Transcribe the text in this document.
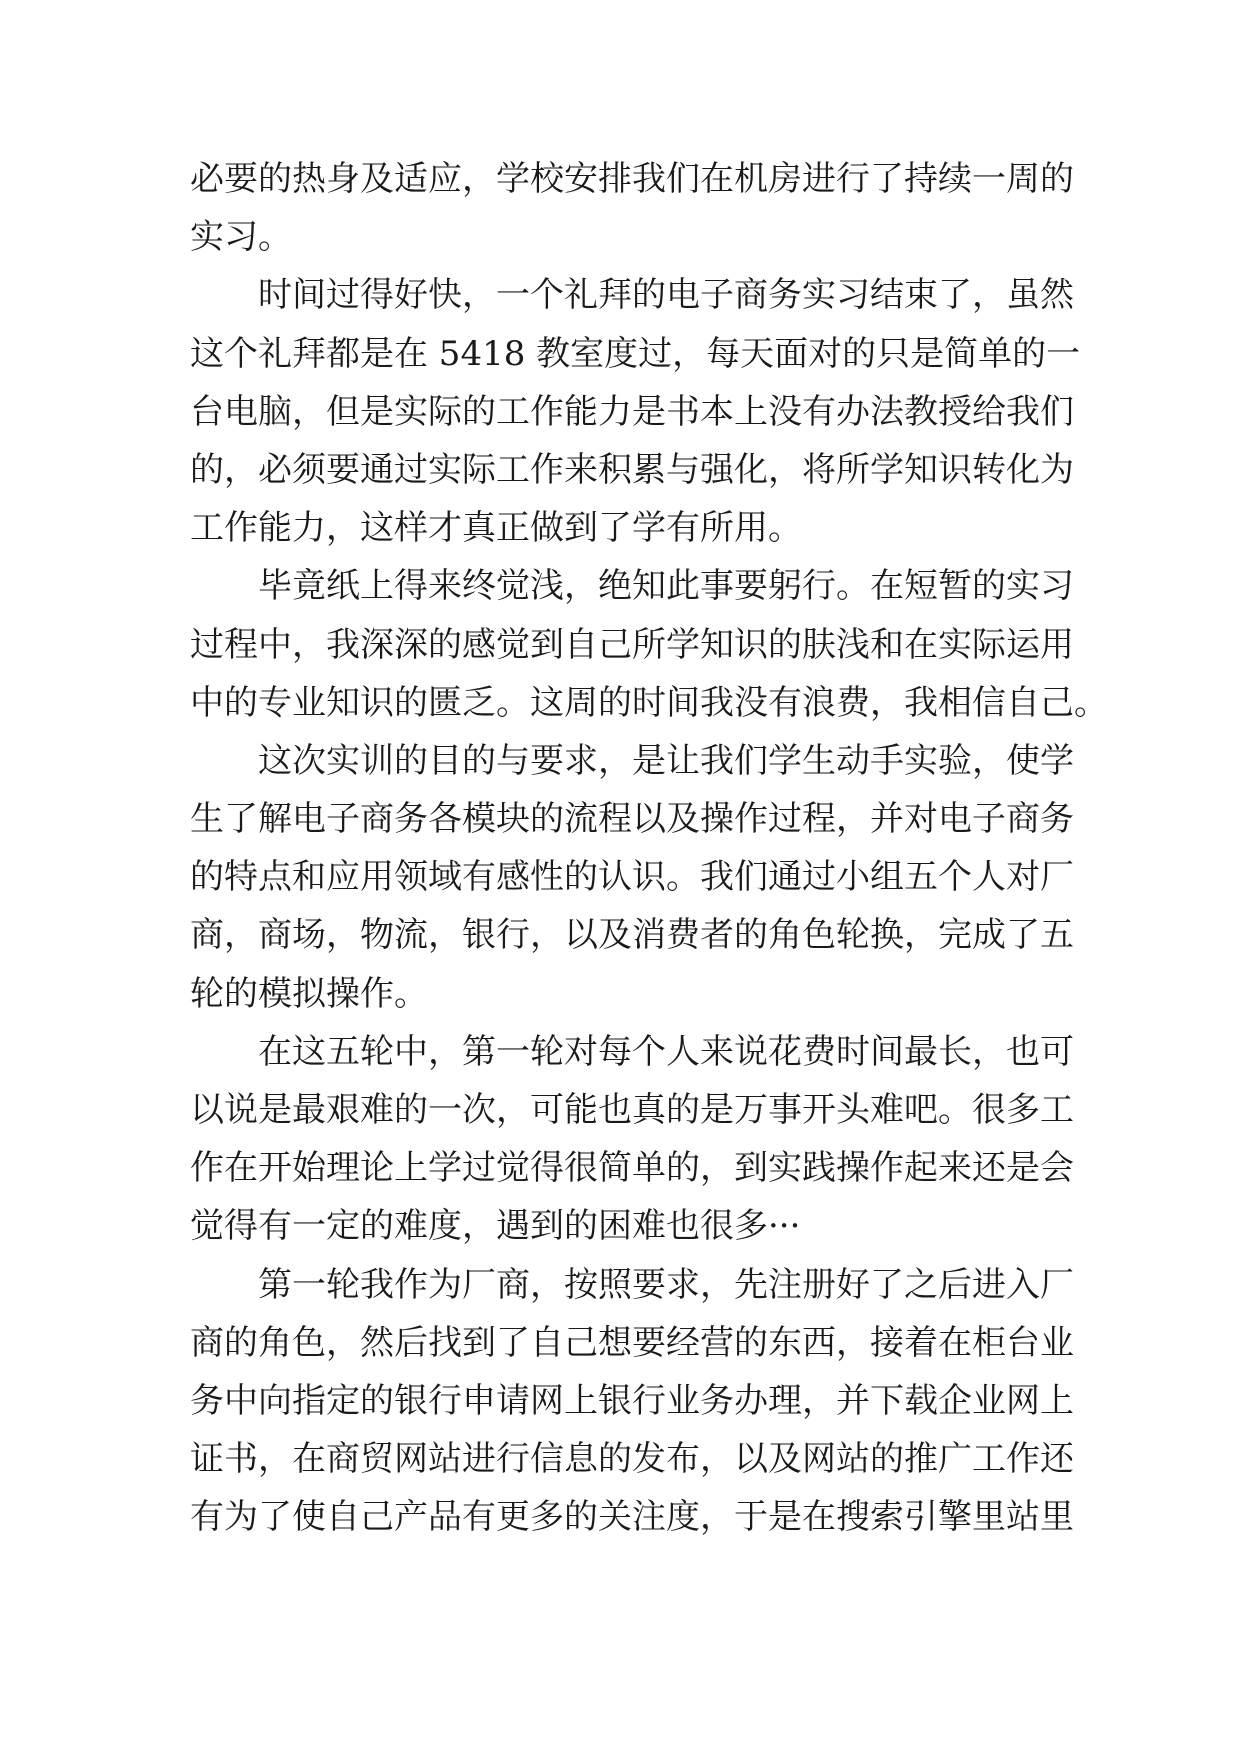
必要的热身及适应，学校安排我们在机房进行了持续一周的
实习。
时间过得好快，一个礼拜的电子商务实习结束了，虽然
这个礼拜都是在 5418 教室度过，每天面对的只是简单的一
台电脑，但是实际的工作能力是书本上没有办法教授给我们
的，必须要通过实际工作来积累与强化，将所学知识转化为
工作能力，这样才真正做到了学有所用。
毕竟纸上得来终觉浅，绝知此事要躬行。在短暂的实习
过程中，我深深的感觉到自己所学知识的肤浅和在实际运用
中的专业知识的匮乏。这周的时间我没有浪费，我相信自己。
这次实训的目的与要求，是让我们学生动手实验，使学
生了解电子商务各模块的流程以及操作过程，并对电子商务
的特点和应用领域有感性的认识。我们通过小组五个人对厂
商，商场，物流，银行，以及消费者的角色轮换，完成了五
轮的模拟操作。
在这五轮中，第一轮对每个人来说花费时间最长，也可
以说是最艰难的一次，可能也真的是万事开头难吧。很多工
作在开始理论上学过觉得很简单的，到实践操作起来还是会
觉得有一定的难度，遇到的困难也很多···
第一轮我作为厂商，按照要求，先注册好了之后进入厂
商的角色，然后找到了自己想要经营的东西，接着在柜台业
务中向指定的银行申请网上银行业务办理，并下载企业网上
证书，在商贸网站进行信息的发布，以及网站的推广工作还
有为了使自己产品有更多的关注度，于是在搜索引擎里站里
